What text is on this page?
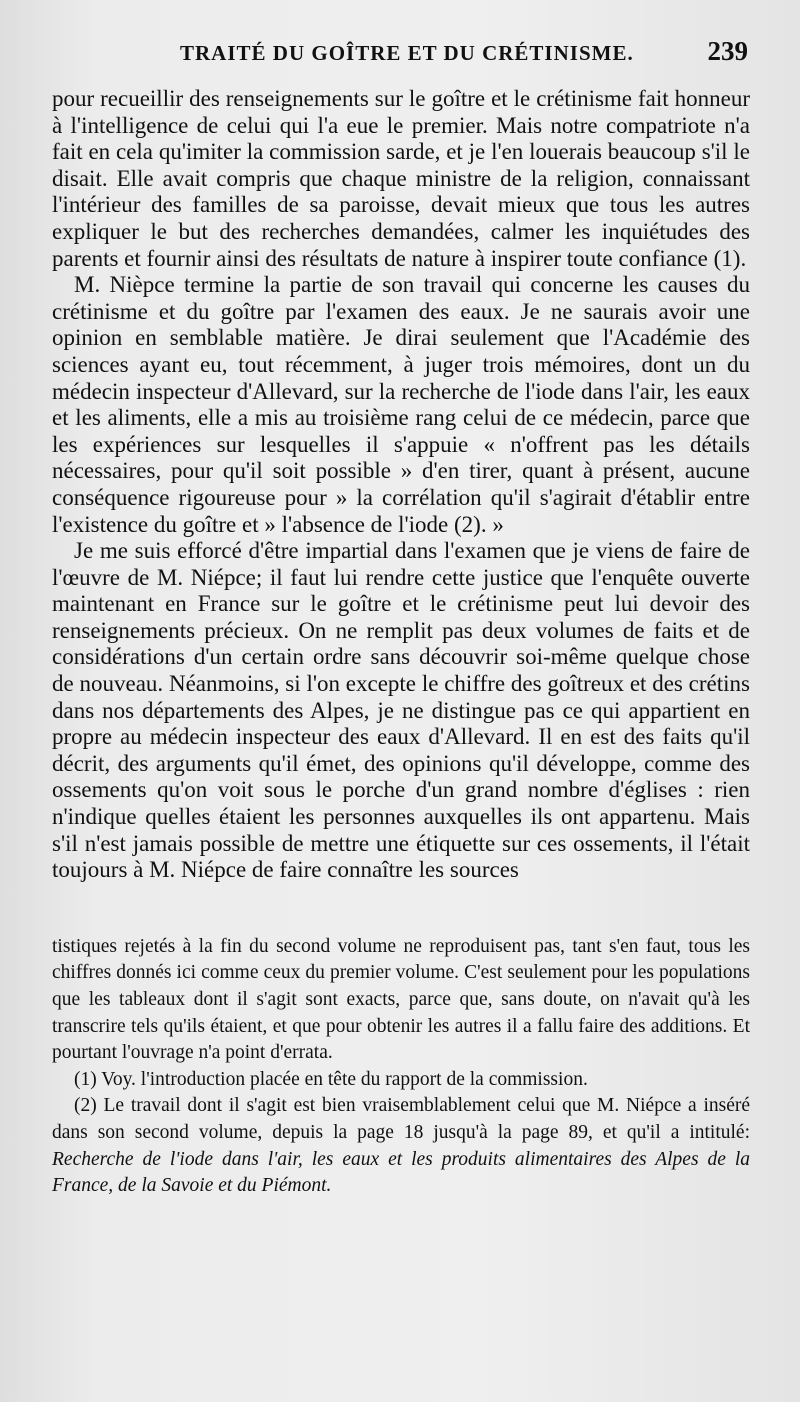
TRAITÉ DU GOÎTRE ET DU CRÉTINISME.	239

pour recueillir des renseignements sur le goître et le crétinisme fait honneur à l'intelligence de celui qui l'a eue le premier. Mais notre compatriote n'a fait en cela qu'imiter la commission sarde, et je l'en louerais beaucoup s'il le disait. Elle avait compris que chaque ministre de la religion, connaissant l'intérieur des familles de sa paroisse, devait mieux que tous les autres expliquer le but des recherches demandées, calmer les inquiétudes des parents et fournir ainsi des résultats de nature à inspirer toute confiance (1).

M. Nièpce termine la partie de son travail qui concerne les causes du crétinisme et du goître par l'examen des eaux. Je ne saurais avoir une opinion en semblable matière. Je dirai seulement que l'Académie des sciences ayant eu, tout récemment, à juger trois mémoires, dont un du médecin inspecteur d'Allevard, sur la recherche de l'iode dans l'air, les eaux et les aliments, elle a mis au troisième rang celui de ce médecin, parce que les expériences sur lesquelles il s'appuie « n'offrent pas les détails nécessaires, pour qu'il soit possible » d'en tirer, quant à présent, aucune conséquence rigoureuse pour » la corrélation qu'il s'agirait d'établir entre l'existence du goître et » l'absence de l'iode (2). »

Je me suis efforcé d'être impartial dans l'examen que je viens de faire de l'œuvre de M. Niépce; il faut lui rendre cette justice que l'enquête ouverte maintenant en France sur le goître et le crétinisme peut lui devoir des renseignements précieux. On ne remplit pas deux volumes de faits et de considérations d'un certain ordre sans découvrir soi-même quelque chose de nouveau. Néanmoins, si l'on excepte le chiffre des goîtreux et des crétins dans nos départements des Alpes, je ne distingue pas ce qui appartient en propre au médecin inspecteur des eaux d'Allevard. Il en est des faits qu'il décrit, des arguments qu'il émet, des opinions qu'il développe, comme des ossements qu'on voit sous le porche d'un grand nombre d'églises : rien n'indique quelles étaient les personnes auxquelles ils ont appartenu. Mais s'il n'est jamais possible de mettre une étiquette sur ces ossements, il l'était toujours à M. Niépce de faire connaître les sources

tistiques rejetés à la fin du second volume ne reproduisent pas, tant s'en faut, tous les chiffres donnés ici comme ceux du premier volume. C'est seulement pour les populations que les tableaux dont il s'agit sont exacts, parce que, sans doute, on n'avait qu'à les transcrire tels qu'ils étaient, et que pour obtenir les autres il a fallu faire des additions. Et pourtant l'ouvrage n'a point d'errata.

(1) Voy. l'introduction placée en tête du rapport de la commission.

(2) Le travail dont il s'agit est bien vraisemblablement celui que M. Niépce a inséré dans son second volume, depuis la page 18 jusqu'à la page 89, et qu'il a intitulé: Recherche de l'iode dans l'air, les eaux et les produits alimentaires des Alpes de la France, de la Savoie et du Piémont.
